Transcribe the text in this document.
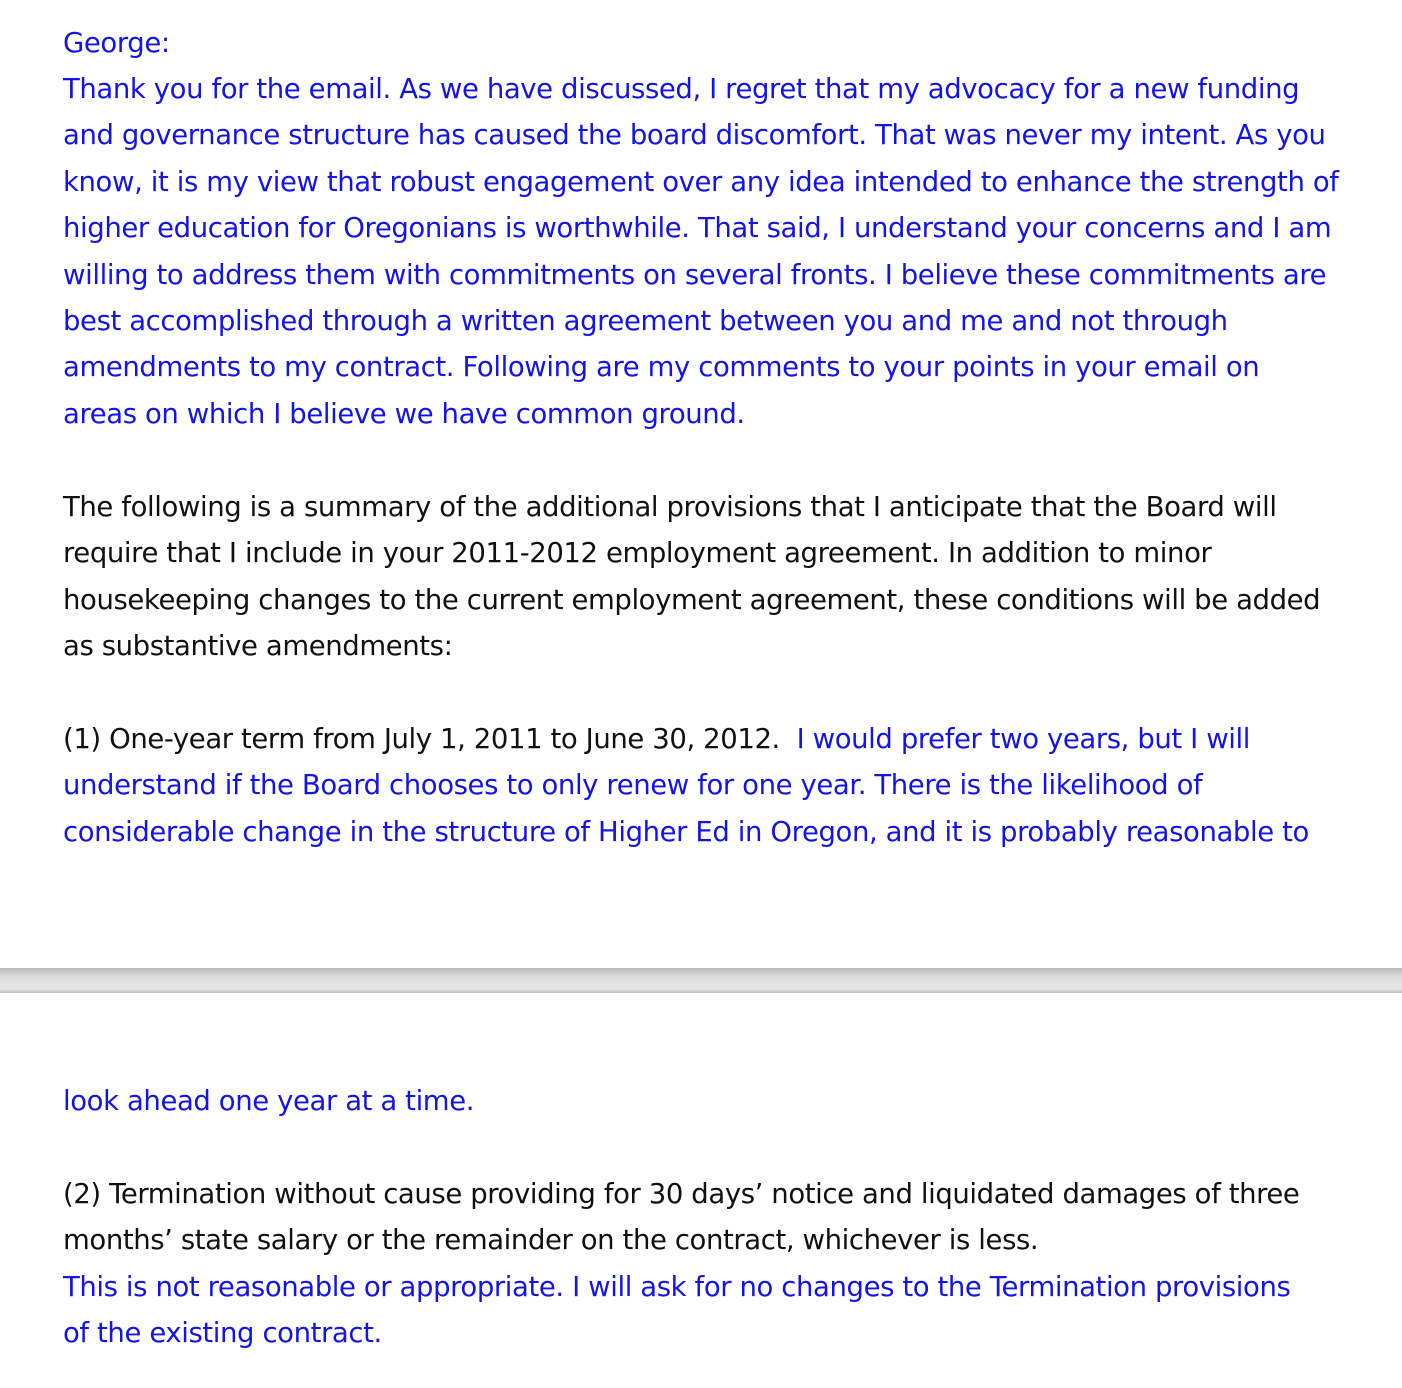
George:
Thank you for the email. As we have discussed, I regret that my advocacy for a new funding
and governance structure has caused the board discomfort. That was never my intent. As you
know, it is my view that robust engagement over any idea intended to enhance the strength of
higher education for Oregonians is worthwhile. That said, I understand your concerns and I am
willing to address them with commitments on several fronts. I believe these commitments are
best accomplished through a written agreement between you and me and not through
amendments to my contract. Following are my comments to your points in your email on
areas on which I believe we have common ground.
The following is a summary of the additional provisions that I anticipate that the Board will
require that I include in your 2011-2012 employment agreement. In addition to minor
housekeeping changes to the current employment agreement, these conditions will be added
as substantive amendments:
(1) One-year term from July 1, 2011 to June 30, 2012.  I would prefer two years, but I will
understand if the Board chooses to only renew for one year. There is the likelihood of
considerable change in the structure of Higher Ed in Oregon, and it is probably reasonable to
look ahead one year at a time.
(2) Termination without cause providing for 30 days’ notice and liquidated damages of three
months’ state salary or the remainder on the contract, whichever is less.
This is not reasonable or appropriate. I will ask for no changes to the Termination provisions
of the existing contract.
